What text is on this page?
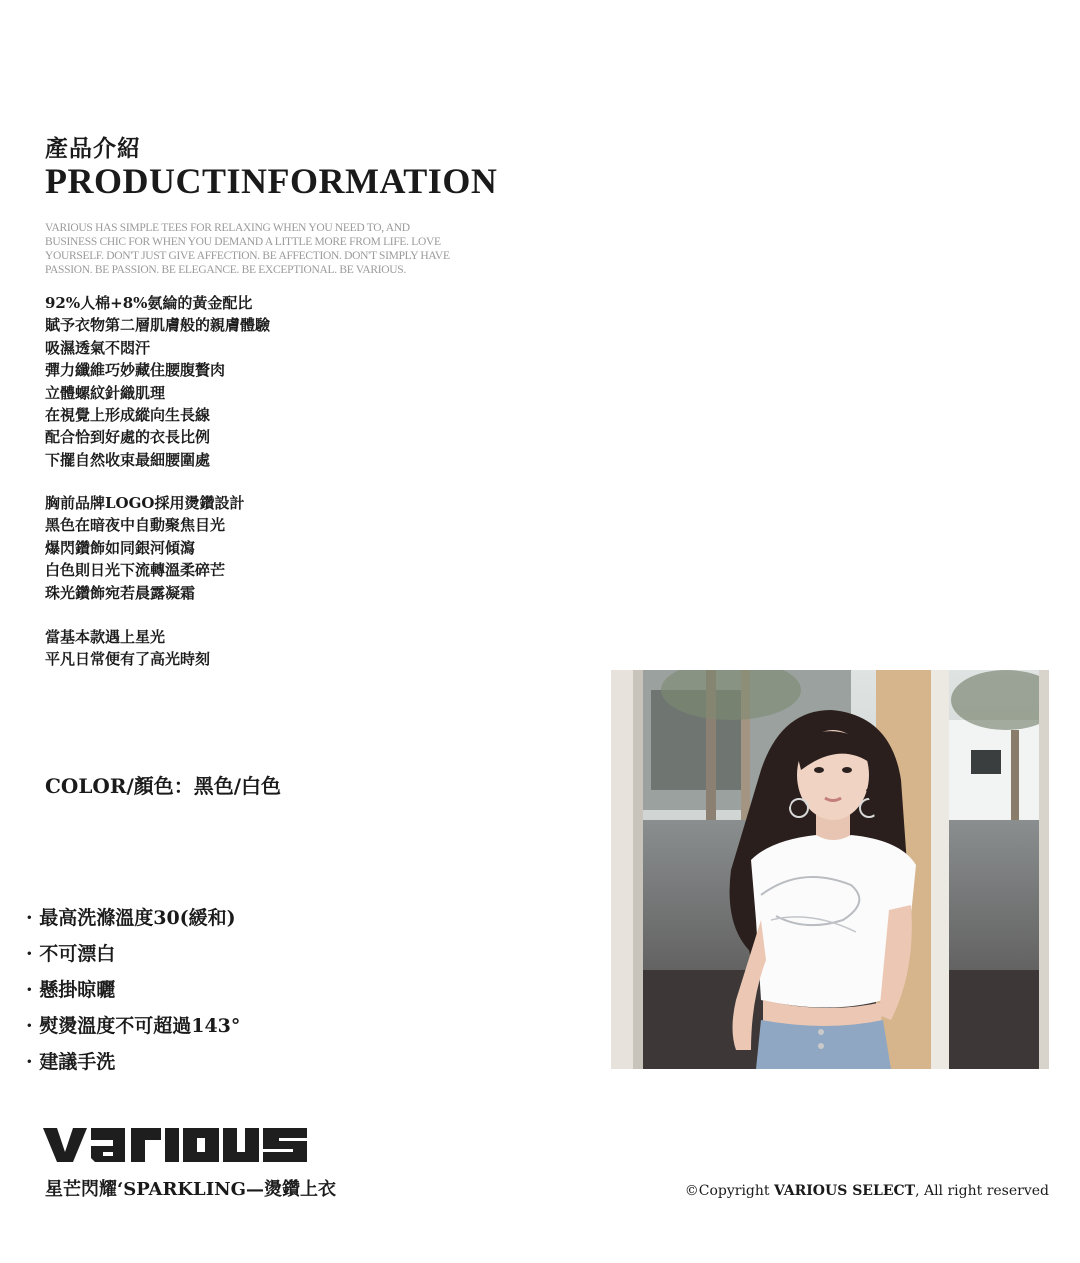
產品介紹
PRODUCTINFORMATION
VARIOUS HAS SIMPLE TEES FOR RELAXING WHEN YOU NEED TO, AND
BUSINESS CHIC FOR WHEN YOU DEMAND A LITTLE MORE FROM LIFE. LOVE
YOURSELF. DON'T JUST GIVE AFFECTION. BE AFFECTION. DON'T SIMPLY HAVE
PASSION. BE PASSION. BE ELEGANCE. BE EXCEPTIONAL. BE VARIOUS.
92%人棉+8%氨綸的黃金配比
賦予衣物第二層肌膚般的親膚體驗
吸濕透氣不悶汗
彈力纖維巧妙藏住腰腹贅肉
立體螺紋針織肌理
在視覺上形成縱向生長線
配合恰到好處的衣長比例
下擺自然收束最細腰圍處
胸前品牌LOGO採用燙鑽設計
黑色在暗夜中自動聚焦目光
爆閃鑽飾如同銀河傾瀉
白色則日光下流轉溫柔碎芒
珠光鑽飾宛若晨露凝霜
當基本款遇上星光
平凡日常便有了高光時刻
COLOR/顏色：黑色/白色
· 最高洗滌溫度30(緩和)
· 不可漂白
· 懸掛晾曬
· 熨燙溫度不可超過143°
· 建議手洗
星芒閃耀‘SPARKLING—燙鑽上衣	©Copyright VARIOUS SELECT, All right reserved
